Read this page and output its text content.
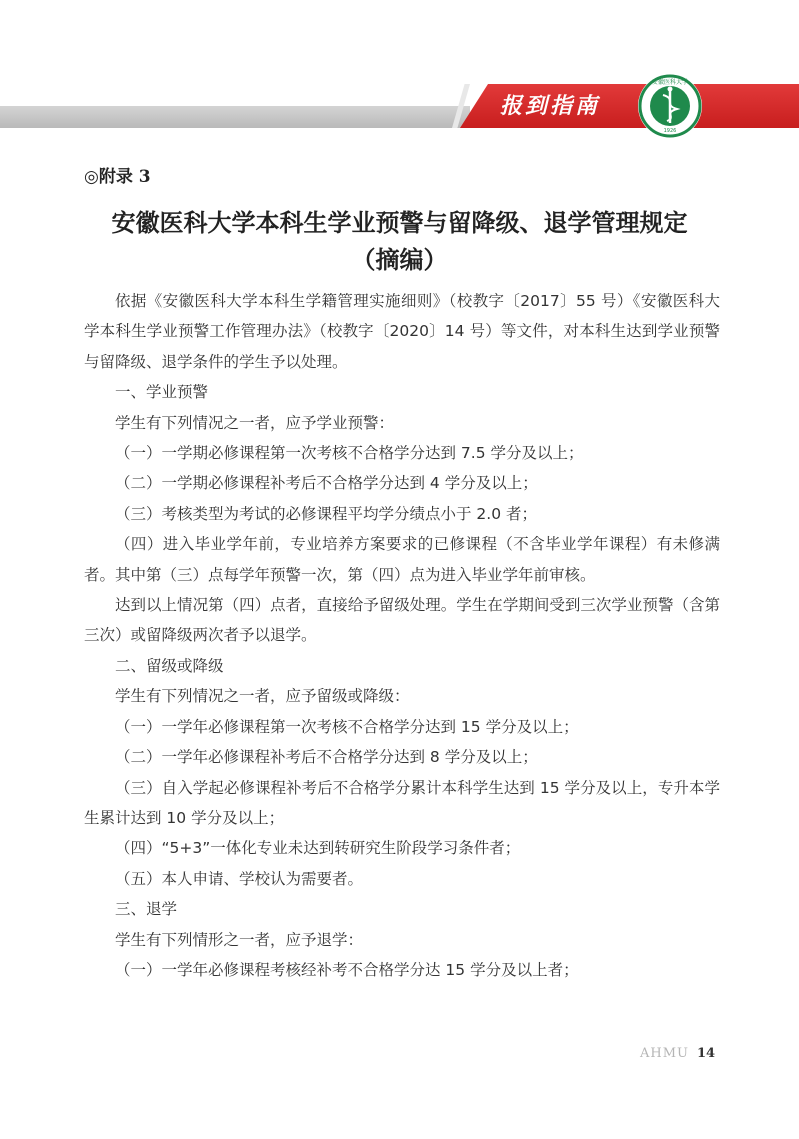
报到指南
1926
安徽医科大学
◎附录 3
安徽医科大学本科生学业预警与留降级、退学管理规定
（摘编）

依据《安徽医科大学本科生学籍管理实施细则》（校教字〔2017〕55 号）《安徽医科大学本科生学业预警工作管理办法》（校教字〔2020〕14 号）等文件，对本科生达到学业预警与留降级、退学条件的学生予以处理。

一、学业预警

学生有下列情况之一者，应予学业预警：

（一）一学期必修课程第一次考核不合格学分达到 7.5 学分及以上；

（二）一学期必修课程补考后不合格学分达到 4 学分及以上；

（三）考核类型为考试的必修课程平均学分绩点小于 2.0 者；

（四）进入毕业学年前，专业培养方案要求的已修课程（不含毕业学年课程）有未修满者。其中第（三）点每学年预警一次，第（四）点为进入毕业学年前审核。

达到以上情况第（四）点者，直接给予留级处理。学生在学期间受到三次学业预警（含第三次）或留降级两次者予以退学。

二、留级或降级

学生有下列情况之一者，应予留级或降级：

（一）一学年必修课程第一次考核不合格学分达到 15 学分及以上；

（二）一学年必修课程补考后不合格学分达到 8 学分及以上；

（三）自入学起必修课程补考后不合格学分累计本科学生达到 15 学分及以上，专升本学生累计达到 10 学分及以上；

（四）“5+3”一体化专业未达到转研究生阶段学习条件者；

（五）本人申请、学校认为需要者。

三、退学

学生有下列情形之一者，应予退学：

（一）一学年必修课程考核经补考不合格学分达 15 学分及以上者；

AHMU 14
